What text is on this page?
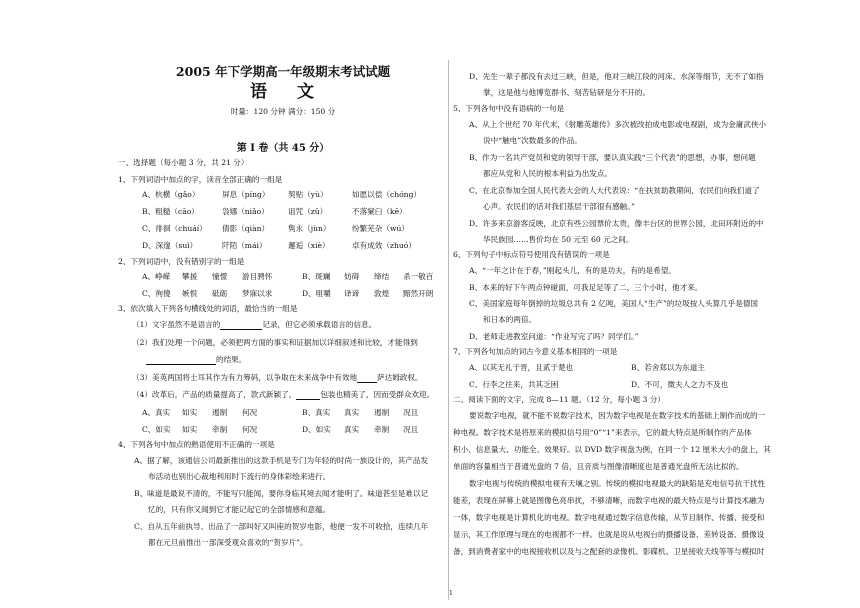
2005 年下学期高一年级期末考试试题
语 文
时量：120 分钟 满分：150 分
第 Ⅰ 卷（共 45 分）
一、选择题（每小题 3 分，共 21 分）
1、下列词语中加点的字，读音全部正确的一组是
A、杭横（gǎo）	屏息（píng） 契贴（yù）	如愿以偿（chóng）
B、粗糙（cāo）	袅娜（niǎo）	诅咒（zǔ）	不落窠臼（kē）
C、徘徊（chuáí） 倩影（qiàn） 隽永（jùn）	纷繁芜杂（wú）
D、深邃（suì）	阡陌（mái）	邂逅（xiè）	卓有成效（zhuó）
2、下列词语中，没有错别字的一组是
A、峥嵘 攀援 憧憬 游目骋怀	B、斑斓 妨碍 缔结 杀一敬百
C、徇傻 嫉恨 砥砺 梦寐以求	D、咀嚼 译谛 敦煌 黯然开朗
3、依次填入下列各句横线处的词语，最恰当的一组是
（1）文字虽然不是语言的	记录，但它必须承载语言的信息。
（2）我们处理一个问题，必须把两方面的事实和证据加以详细叙述和比较，才能得到
的结果。
（3）美英两国将士耳其作为有力筹码，以争取在未来战争中有效地	萨达姆政权。
（4）改革后，产品的质量提高了，款式新颖了，	包装也精美了，因而受群众欢迎。
A、真实 如实 遏制 何况	B、真实 真实 遏制 况且
C、如实 如实 牵制 何况	D、如实 真实 牵制 况且
4、下列各句中加点的熟语使用不正确的一项是
A、据了解，该通信公司最新推出的这款手机是专门为年轻的时尚一族设计的，其产品发
布活动也别出心裁地利用时下流行的身体彩绘来进行。
B、味道是最说不清的，不能写只能闻，要你身临其境去闻才能明了。味道甚至是难以记
忆的，只有你又闻到它才能记起它的全部情感和意蕴。
C、自从五年前执导、出品了一部叫好又叫座的贺岁电影，他便一发不可收拾，连续几年
都在元旦前推出一部深受观众喜欢的“贺岁片”。
D、先生一辈子都没有去过三峡，但是，他对三峡江段的河床、水深等细节，无不了如指
掌，这是他与他博览群书、刻苦钻研是分不开的。
5、下列各句中没有语病的一句是
A、从上个世纪 70 年代末，《射雕英雄传》多次被改拍成电影或电视剧，成为金庸武侠小
说中“触电”次数最多的作品。
B、作为一名共产党员和党的领导干部，要认真实践“三个代表”的思想，办事，想问题
都应从党和人民的根本利益为出发点。
C、在北京参加全国人民代表大会的人大代表说：“在扶贫助教期间，农民们向我们道了
心声。农民们的话对我们基层干部很有感触。”
D、许多来京游客反映，北京有些公园票价太贵，像丰台区的世界公园，北田环附近的中
华民族园……售价均在 50 元至 60 元之间。
6、下列句子中标点符号使用没有错误的一项是
A、“一年之计在于春，”刚起头儿，有的是功夫，有的是希望。
B、本来的好下午两点钟碰面，可我足足等了二、三个小时，他才来。
C、美国家庭每年倒掉的垃圾总共有 2 亿吨，美国人“生产”的垃圾按人头算几乎是德国
和日本的两倍。
D、老师走进教室问道：“作业写完了吗？同学们。”
7、下列各句加点的词古今意义基本相同的一项是
A、以其无礼于晋，且贰于楚也	B、若舍郑以为东道主
C、行李之往来，共其乏困	D、不可，微夫人之力不及也
二、阅读下面的文字，完成 8—11 题。（12 分，每小题 3 分）
要说数字电视，就不能不说数字技术，因为数字电视是在数字技术的基础上制作而成的一
种电视。数字技术是将原来的模拟信号用“0”“1”来表示，它的最大特点是所制作的产品体
积小、信息量大、功能全、效果好。以 DVD 数字视盘为例，在同一个 12 厘米大小的盘上，其
单面的容量相当于普通光盘的 7 倍，且音质与图像清晰度也是普通光盘所无法比拟的。
数字电视与传统的模拟电视有天壤之别。传统的模拟电视最大的缺陷是充电信号抗干扰性
能差，表现在屏幕上就是图像色亮串扰，不够清晰，而数字电视的最大特点是与计算技术融为
一体，数字电视是计算机化的电视。数字电视通过数字信息传输，从节目制作、传播、接受和
显示，其工作原理与现在的电视都不一样。也就是说从电视台的摄播设备、差转设备、摄像设
备，到消费者家中的电视接收机以及与之配套的录像机、影碟机、卫星接收天线等等与模拟时
1
